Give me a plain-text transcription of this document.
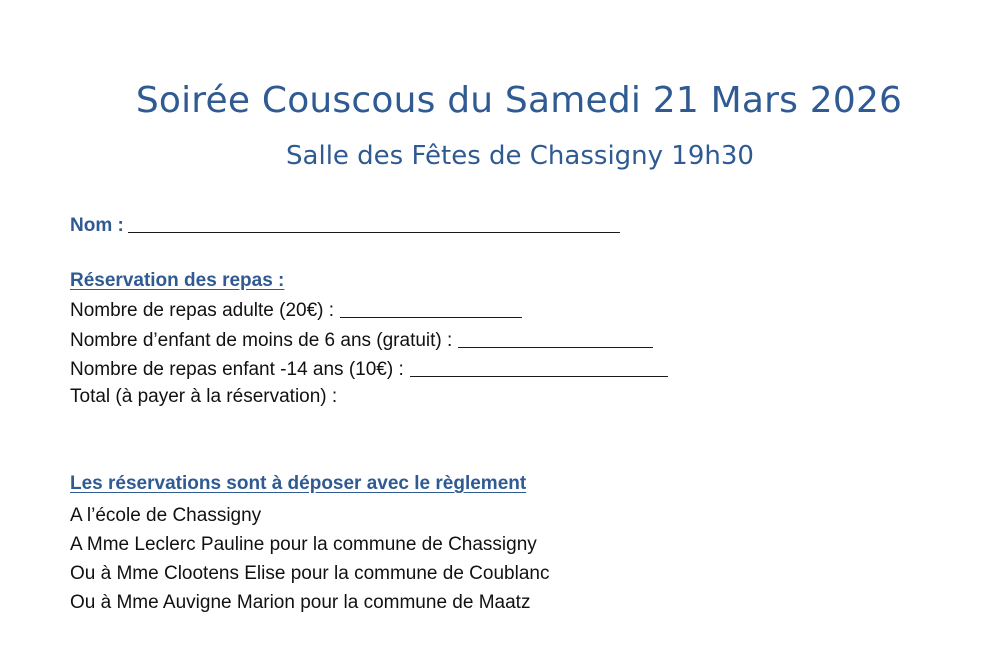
Soirée Couscous du Samedi 21 Mars 2026
Salle des Fêtes de Chassigny 19h30
Nom :
Réservation des repas :
Nombre de repas adulte (20€) :
Nombre d’enfant de moins de 6 ans (gratuit) :
Nombre de repas enfant -14 ans (10€) :
Total (à payer à la réservation) :
Les réservations sont à déposer avec le règlement
A l’école de Chassigny
A Mme Leclerc Pauline pour la commune de Chassigny
Ou à Mme Clootens Elise pour la commune de Coublanc
Ou à Mme Auvigne Marion pour la commune de Maatz
